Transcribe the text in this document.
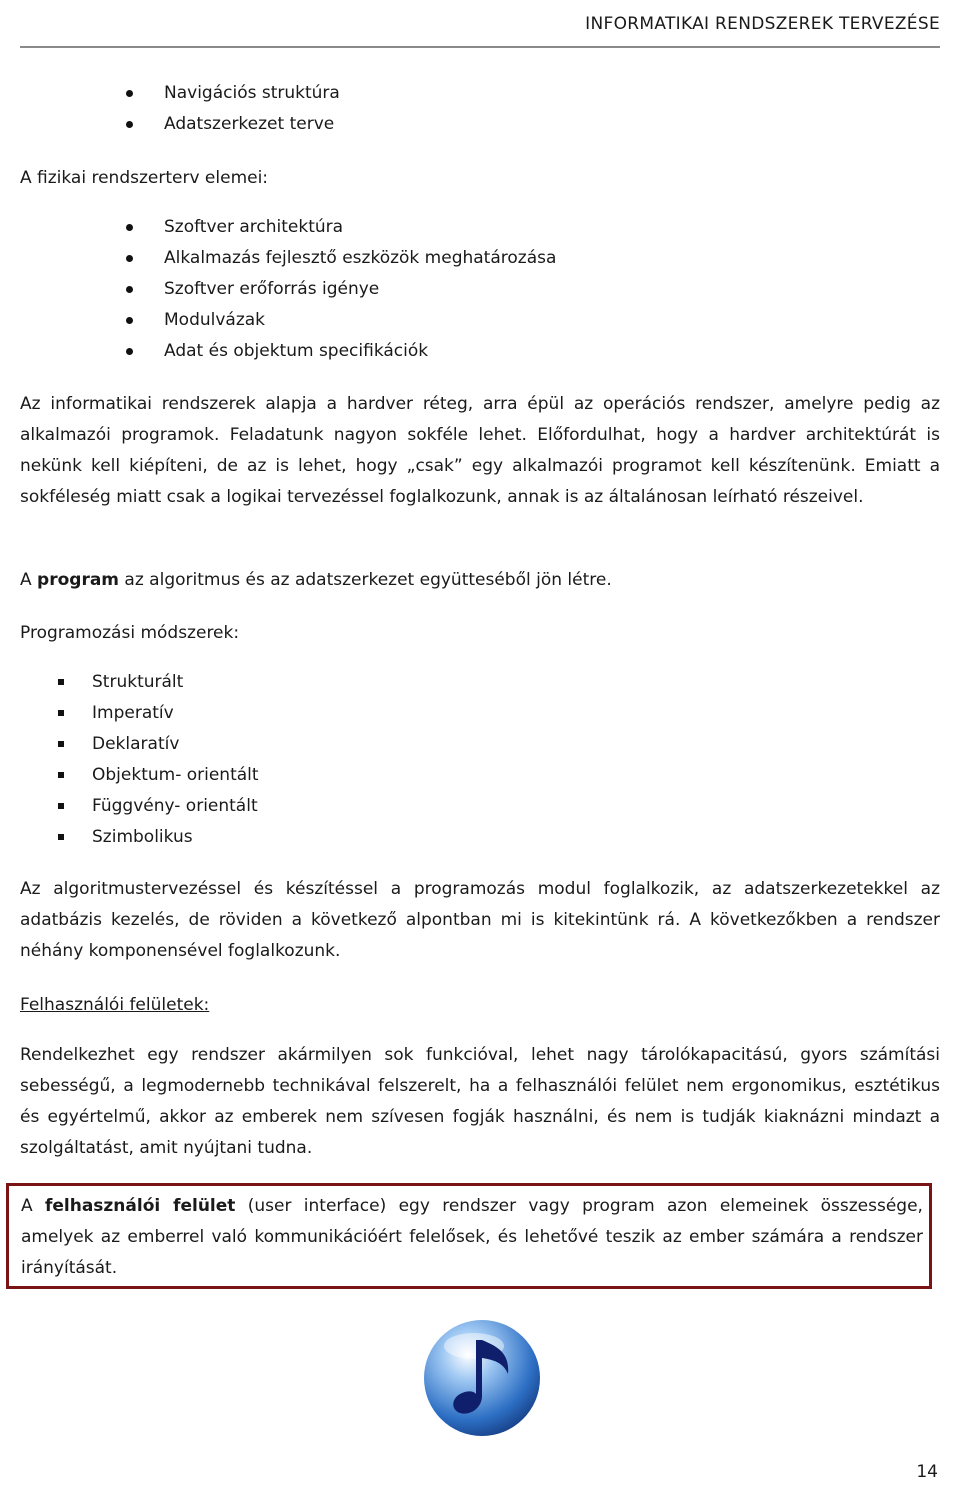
INFORMATIKAI RENDSZEREK TERVEZÉSE
Navigációs struktúra
Adatszerkezet terve
A fizikai rendszerterv elemei:
Szoftver architektúra
Alkalmazás fejlesztő eszközök meghatározása
Szoftver erőforrás igénye
Modulvázak
Adat és objektum specifikációk
Az informatikai rendszerek alapja a hardver réteg, arra épül az operációs rendszer, amelyre pedig az alkalmazói programok. Feladatunk nagyon sokféle lehet. Előfordulhat, hogy a hardver architektúrát is nekünk kell kiépíteni, de az is lehet, hogy „csak” egy alkalmazói programot kell készítenünk. Emiatt a sokféleség miatt csak a logikai tervezéssel foglalkozunk, annak is az általánosan leírható részeivel.
A program az algoritmus és az adatszerkezet együtteséből jön létre.
Programozási módszerek:
Strukturált
Imperatív
Deklaratív
Objektum- orientált
Függvény- orientált
Szimbolikus
Az algoritmustervezéssel és készítéssel a programozás modul foglalkozik, az adatszerkezetekkel az adatbázis kezelés, de röviden a következő alpontban mi is kitekintünk rá. A következőkben a rendszer néhány komponensével foglalkozunk.
Felhasználói felületek:
Rendelkezhet egy rendszer akármilyen sok funkcióval, lehet nagy tárolókapacitású, gyors számítási sebességű, a legmodernebb technikával felszerelt, ha a felhasználói felület nem ergonomikus, esztétikus és egyértelmű, akkor az emberek nem szívesen fogják használni, és nem is tudják kiaknázni mindazt a szolgáltatást, amit nyújtani tudna.
A felhasználói felület (user interface) egy rendszer vagy program azon elemeinek összessége, amelyek az emberrel való kommunikációért felelősek, és lehetővé teszik az ember számára a rendszer irányítását.
14
